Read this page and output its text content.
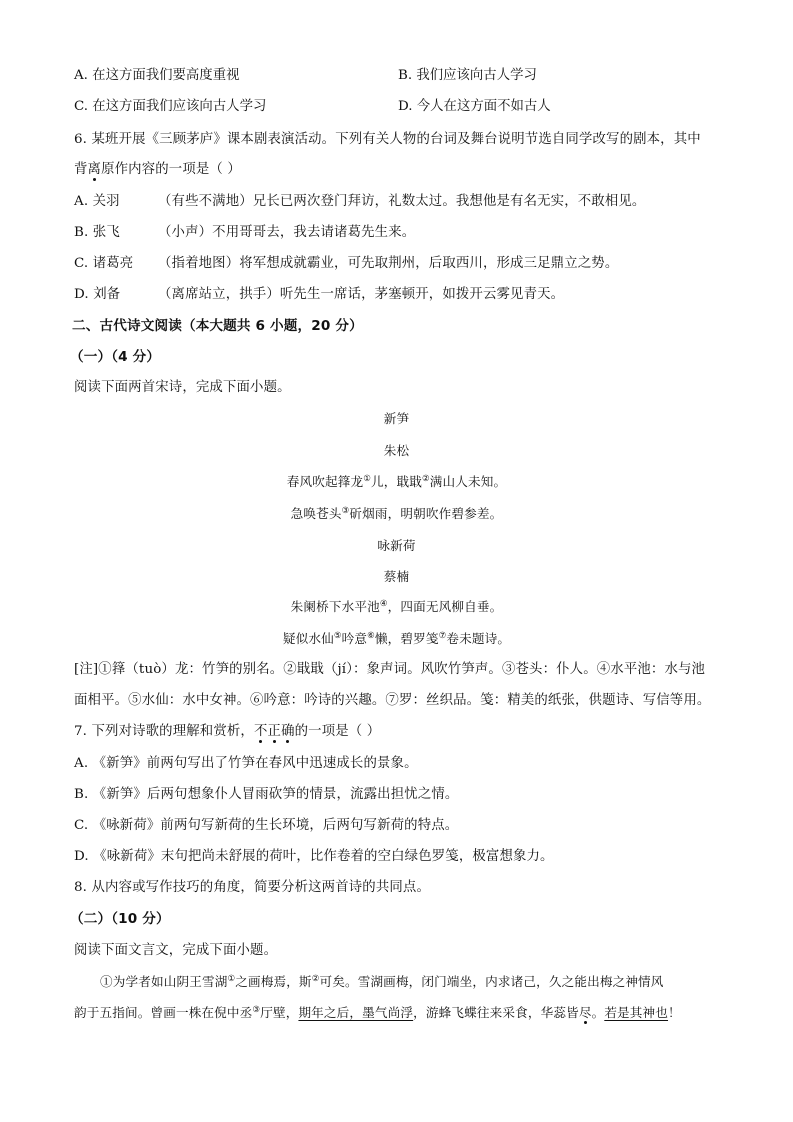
A. 在这方面我们要高度重视	B. 我们应该向古人学习
C. 在这方面我们应该向古人学习	D. 今人在这方面不如古人
6. 某班开展《三顾茅庐》课本剧表演活动。下列有关人物的台词及舞台说明节选自同学改写的剧本，其中
背离原作内容的一项是（ ）
A. 关羽	（有些不满地）兄长已两次登门拜访，礼数太过。我想他是有名无实，不敢相见。
B. 张飞	（小声）不用哥哥去，我去请诸葛先生来。
C. 诸葛亮 （指着地图）将军想成就霸业，可先取荆州，后取西川，形成三足鼎立之势。
D. 刘备	（离席站立，拱手）听先生一席话，茅塞顿开，如拨开云雾见青天。
二、古代诗文阅读（本大题共 6 小题，20 分）
（一）（4 分）
阅读下面两首宋诗，完成下面小题。
新笋
朱松
春风吹起箨龙①儿，戢戢②满山人未知。
急唤苍头③斫烟雨，明朝吹作碧参差。
咏新荷
蔡楠
朱阑桥下水平池④，四面无风柳自垂。
疑似水仙⑤吟意⑥懒，碧罗笺⑦卷未题诗。
[注]①箨（tuò）龙：竹笋的别名。②戢戢（jí）：象声词。风吹竹笋声。③苍头：仆人。④水平池：水与池
面相平。⑤水仙：水中女神。⑥吟意：吟诗的兴趣。⑦罗：丝织品。笺：精美的纸张，供题诗、写信等用。
7. 下列对诗歌的理解和赏析，不正确的一项是（ ）
A. 《新笋》前两句写出了竹笋在春风中迅速成长的景象。
B. 《新笋》后两句想象仆人冒雨砍笋的情景，流露出担忧之情。
C. 《咏新荷》前两句写新荷的生长环境，后两句写新荷的特点。
D. 《咏新荷》末句把尚未舒展的荷叶，比作卷着的空白绿色罗笺，极富想象力。
8. 从内容或写作技巧的角度，简要分析这两首诗的共同点。
（二）（10 分）
阅读下面文言文，完成下面小题。
①为学者如山阴王雪湖①之画梅焉，斯②可矣。雪湖画梅，闭门端坐，内求诸己，久之能出梅之神情风
韵于五指间。曾画一株在倪中丞③厅壁，期年之后，墨气尚浮，游蜂飞蝶往来采食，华蕊皆尽。若是其神也！
